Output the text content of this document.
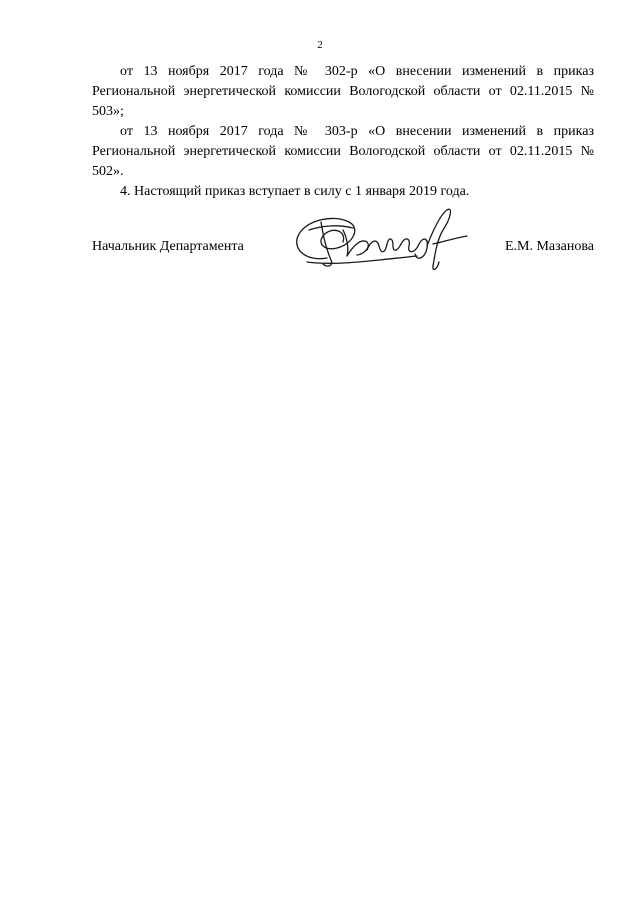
2

от 13 ноября 2017 года № 302-р «О внесении изменений в приказ Региональной энергетической комиссии Вологодской области от 02.11.2015 № 503»;

от 13 ноября 2017 года № 303-р «О внесении изменений в приказ Региональной энергетической комиссии Вологодской области от 02.11.2015 № 502».

4. Настоящий приказ вступает в силу с 1 января 2019 года.

Начальник Департамента	Е.М. Мазанова
